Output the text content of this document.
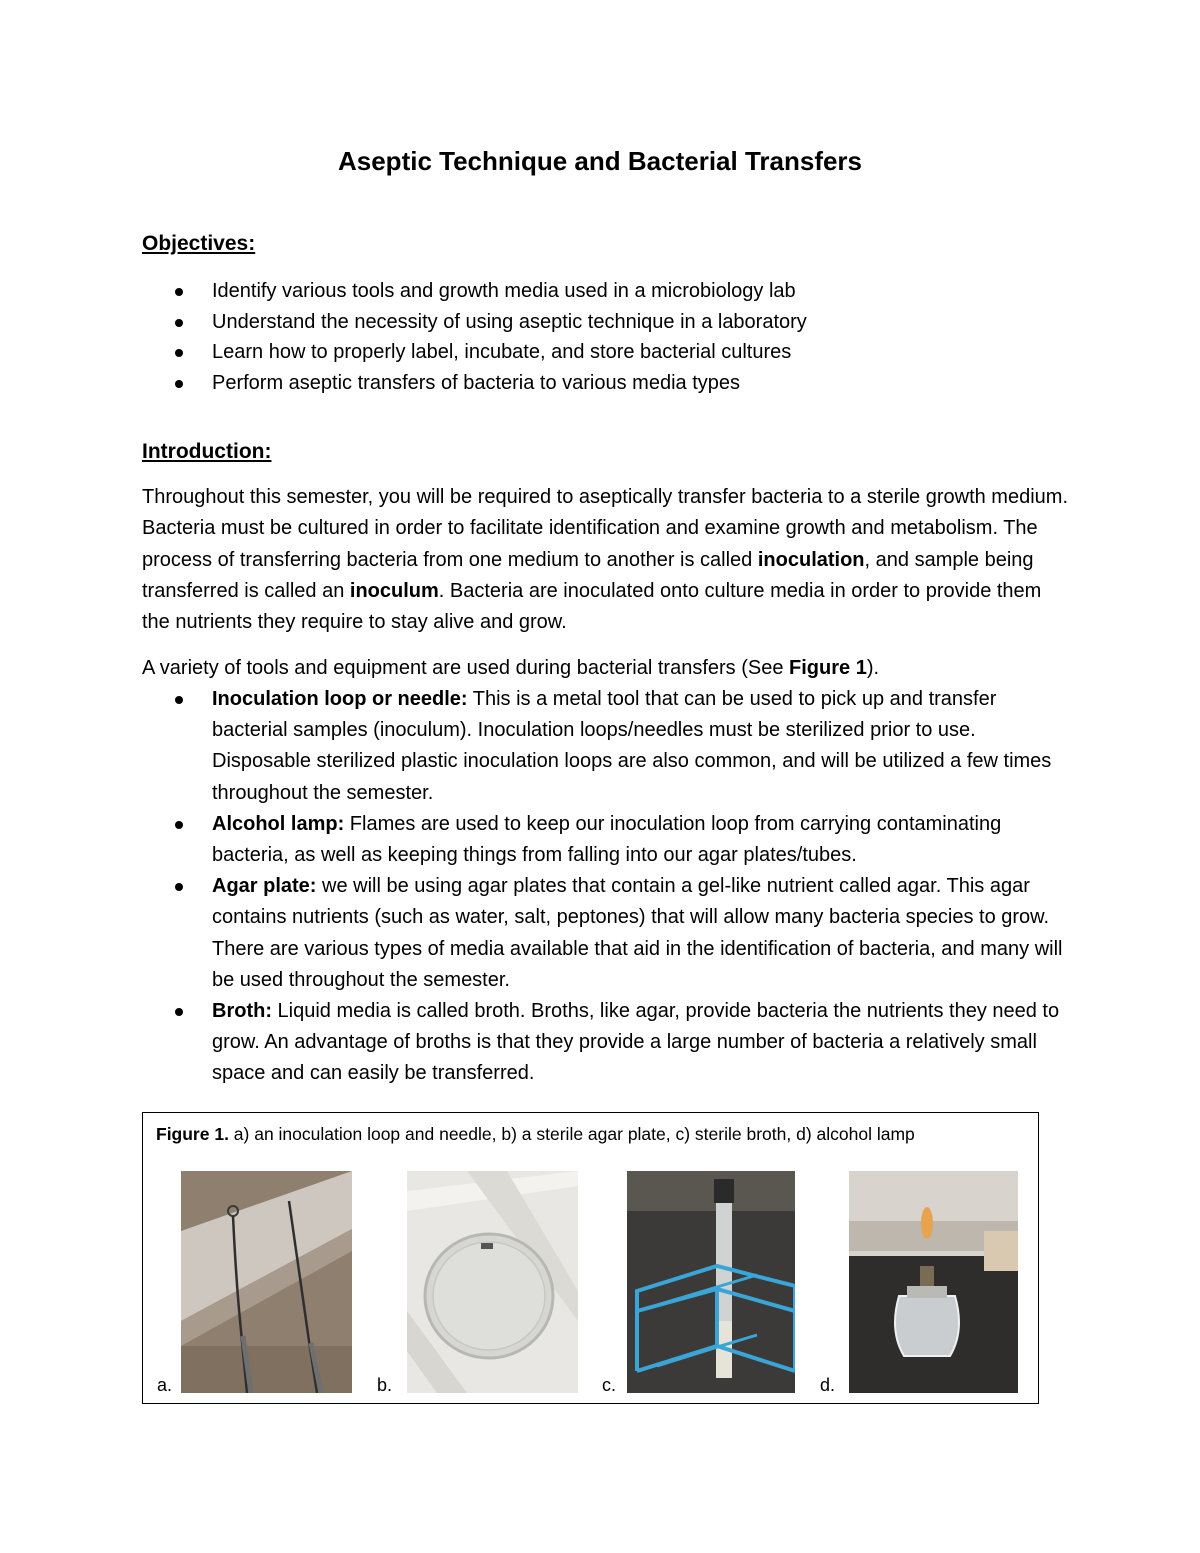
Aseptic Technique and Bacterial Transfers
Objectives:
Identify various tools and growth media used in a microbiology lab
Understand the necessity of using aseptic technique in a laboratory
Learn how to properly label, incubate, and store bacterial cultures
Perform aseptic transfers of bacteria to various media types
Introduction:

Throughout this semester, you will be required to aseptically transfer bacteria to a sterile growth medium. Bacteria must be cultured in order to facilitate identification and examine growth and metabolism. The process of transferring bacteria from one medium to another is called inoculation, and sample being transferred is called an inoculum. Bacteria are inoculated onto culture media in order to provide them the nutrients they require to stay alive and grow.

A variety of tools and equipment are used during bacterial transfers (See Figure 1).

Inoculation loop or needle: This is a metal tool that can be used to pick up and transfer bacterial samples (inoculum). Inoculation loops/needles must be sterilized prior to use. Disposable sterilized plastic inoculation loops are also common, and will be utilized a few times throughout the semester.
Alcohol lamp: Flames are used to keep our inoculation loop from carrying contaminating bacteria, as well as keeping things from falling into our agar plates/tubes.
Agar plate: we will be using agar plates that contain a gel-like nutrient called agar. This agar contains nutrients (such as water, salt, peptones) that will allow many bacteria species to grow. There are various types of media available that aid in the identification of bacteria, and many will be used throughout the semester.
Broth: Liquid media is called broth. Broths, like agar, provide bacteria the nutrients they need to grow. An advantage of broths is that they provide a large number of bacteria a relatively small space and can easily be transferred.
Figure 1. a) an inoculation loop and needle, b) a sterile agar plate, c) sterile broth, d) alcohol lamp
a.	b.	c.	d.
